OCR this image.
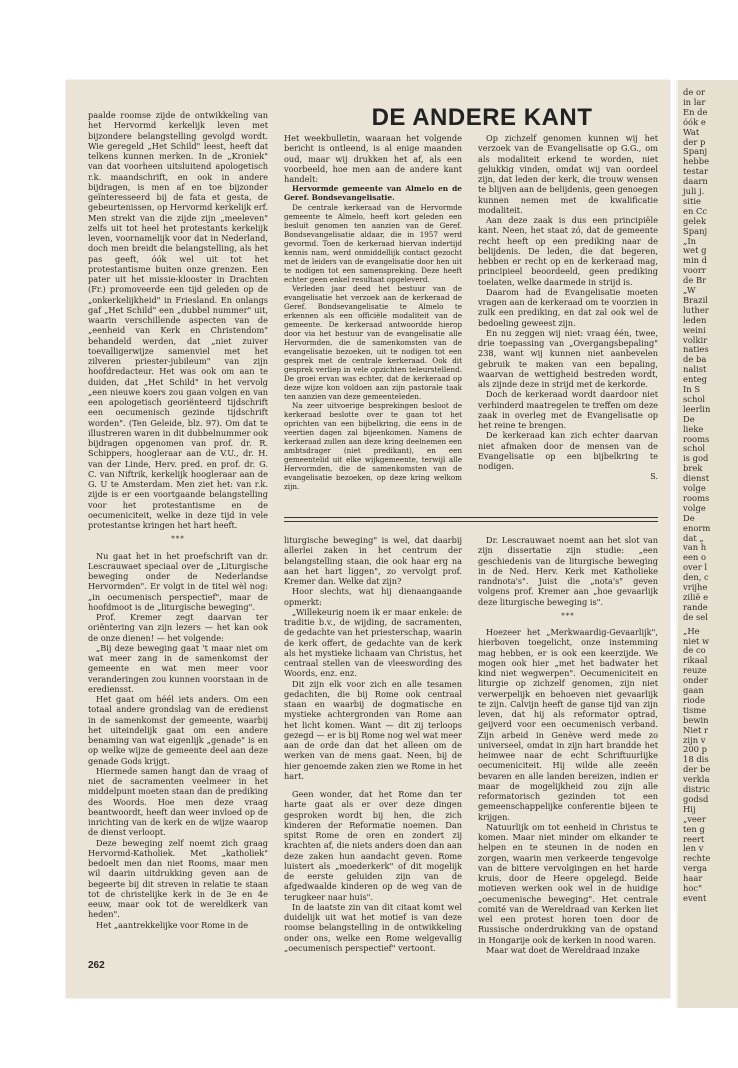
DE ANDERE KANT

paalde roomse zijde de ontwikkeling van het Hervormd kerkelijk leven met bijzondere belangstelling gevolgd wordt. Wie geregeld „Het Schild" leest, heeft dat telkens kunnen merken. In de „Kroniek" van dat voorheen uitsluitend apologetisch r.k. maandschrift, en ook in andere bijdragen, is men af en toe bijzonder geïnteresseerd bij de fata et gesta, de gebeurtenissen, op Hervormd kerkelijk erf. Men strekt van die zijde zijn „meeleven" zelfs uit tot heel het protestants kerkelijk leven, voornamelijk voor dat in Nederland, doch men breidt die belangstelling, als het pas geeft, óók wel uit tot het protestantisme buiten onze grenzen. Een pater uit het missie-klooster in Drachten (Fr.) promoveerde een tijd geleden op de „onkerkelijkheid" in Friesland. En onlangs gaf „Het Schild" een „dubbel nummer" uit, waarin verschillende aspecten van de „eenheid van Kerk en Christendom" behandeld werden, dat „niet zuiver toevalligerwijze samenviel met het zilveren priester-jubileum" van zijn hoofdredacteur. Het was ook om aan te duiden, dat „Het Schild" in het vervolg „een nieuwe koers zou gaan volgen en van een apologetisch georiënteerd tijdschrift een oecumenisch gezinde tijdschrift worden". (Ten Geleide, blz. 97). Om dat te illustreren waren in dit dubbelnummer ook bijdragen opgenomen van prof. dr. R. Schippers, hoogleraar aan de V.U., dr. H. van der Linde, Herv. pred. en prof. dr. G. C. van Niftrik, kerkelijk hoogleraar aan de G. U te Amsterdam. Men ziet het: van r.k. zijde is er een voortgaande belangstelling voor het protestantisme en de oecumeniciteit, welke in deze tijd in vele protestantse kringen het hart heeft.

***

Nu gaat het in het proefschrift van dr. Lescrauwaet speciaal over de „Liturgische beweging onder de Nederlandse Hervormden". Er volgt in de titel wèl nog: „in oecumenisch perspectief", maar de hoofdmoot is de „liturgische beweging".

Prof. Kremer zegt daarvan ter oriëntering van zijn lezers — het kan ook de onze dienen! — het volgende:

„Bij deze beweging gaat 't maar niet om wat meer zang in de samenkomst der gemeente en wat men meer voor veranderingen zou kunnen voorstaan in de erediensst.

Het gaat om héél iets anders. Om een totaal andere grondslag van de eredienst in de samenkomst der gemeente, waarbij het uiteindelijk gaat om een andere benaming van wat eigenlijk „genade" is en op welke wijze de gemeente deel aan deze genade Gods krijgt.

Hiermede samen hangt dan de vraag of niet de sacramenten veelmeer in het middelpunt moeten staan dan de prediking des Woords. Hoe men deze vraag beantwoordt, heeft dan weer invloed op de inrichting van de kerk en de wijze waarop de dienst verloopt.

Deze beweging zelf noemt zich graag Hervormd-Katholiek. Met „katholiek" bedoelt men dan niet Rooms, maar men wil daarin uitdrukking geven aan de begeerte bij dit streven in relatie te staan tot de christelijke kerk in de 3e en 4e eeuw, maar ook tot de wereldkerk van heden".

Het „aantrekkelijke voor Rome in de

Het weekbulletin, waaraan het volgende bericht is ontleend, is al enige maanden oud, maar wij drukken het af, als een voorbeeld, hoe men aan de andere kant handelt:

Hervormde gemeente van Almelo en de Geref. Bondsevangelisatie.

De centrale kerkeraad van de Hervormde gemeente te Almelo, heeft kort geleden een besluit genomen ten aanzien van de Geref. Bondsevangelisatie aldaar, die in 1957 werd gevormd. Toen de kerkeraad hiervan indertijd kennis nam, werd onmiddellijk contact gezocht met de leiders van de evangelisatie door hen uit te nodigen tot een samenspreking. Deze heeft echter geen enkel resultaat opgeleverd.

Verleden jaar deed het bestuur van de evangelisatie het verzoek aan de kerkeraad de Geref. Bondsevangelisatie te Almelo te erkennen als een officiële modaliteit van de gemeente. De kerkeraad antwoordde hierop door via het bestuur van de evangelisatie alle Hervormden, die de samenkomsten van de evangelisatie bezoeken, uit te nodigen tot een gesprek met de centrale kerkeraad. Ook dit gesprek verliep in vele opzichten teleurstellend. De groei ervan was echter, dat de kerkeraad op deze wijze kon voldoen aan zijn pastorale taak ten aanzien van deze gemeenteleden.

Na zeer uitvoerige besprekingen besloot de kerkeraad beslotte over te gaan tot het oprichten van een bijbelkring, die eens in de veertien dagen zal bijeenkomen. Namens de kerkeraad zullen aan deze kring deelnemen een ambtsdrager (niet predikant), en een gemeentelid uit elke wijkgemeente, terwijl alle Hervormden, die de samenkomsten van de evangelisatie bezoeken, op deze kring welkom zijn.

Op zichzelf genomen kunnen wij het verzoek van de Evangelisatie op G.G., om als modaliteit erkend te worden, niet gelukkig vinden, omdat wij van oordeel zijn, dat leden der kerk, die trouw wensen te blijven aan de belijdenis, geen genoegen kunnen nemen met de kwalificatie modaliteit.

Aan deze zaak is dus een principiële kant. Neen, het staat zó, dat de gemeente recht heeft op een prediking naar de belijdenis. De leden, die dat begeren, hebben er recht op en de kerkeraad mag, principieel beoordeeld, geen prediking toelaten, welke daarmede in strijd is.

Daarom had de Evangelisatie moeten vragen aan de kerkeraad om te voorzien in zulk een prediking, en dat zal ook wel de bedoeling geweest zijn.

En nu zeggen wij niet: vraag één, twee, drie toepassing van „Overgangsbepaling" 238, want wij kunnen niet aanbevelen gebruik te maken van een bepaling, waarvan de wettigheid bestreden wordt, als zijnde deze in strijd met de kerkorde.

Doch de kerkeraad wordt daardoor niet verhinderd maatregelen te treffen om deze zaak in overleg met de Evangelisatie op het reine te brengen.

De kerkeraad kan zich echter daarvan niet afmaken door de mensen van de Evangelisatie op een bijbelkring te nodigen.

S.

liturgische beweging" is wel, dat daarbij allerlei zaken in het centrum der belangstelling staan, die ook haar erg na aan het hart liggen", zo vervolgt prof. Kremer dan. Welke dat zijn?

Hoor slechts, wat hij dienaangaande opmerkt:

„Willekeurig noem ik er maar enkele: de traditie b.v., de wijding, de sacramenten, de gedachte van het priesterschap, waarin de kerk offert, de gedachte van de kerk als het mystieke lichaam van Christus, het centraal stellen van de vleeswording des Woords, enz. enz.

Dit zijn elk voor zich en alle tesamen gedachten, die bij Rome ook centraal staan en waarbij de dogmatische en mystieke achtergronden van Rome aan het licht komen. Want — dit zij terloops gezegd — er is bij Rome nog wel wat meer aan de orde dan dat het alleen om de werken van de mens gaat. Neen, bij de hier genoemde zaken zien we Rome in het hart.

Geen wonder, dat het Rome dan ter harte gaat als er over deze dingen gesproken wordt bij hen, die zich kinderen der Reformatie noemen. Dan spitst Rome de oren en zondert zij krachten af, die niets anders doen dan aan deze zaken hun aandacht geven. Rome luistert als „moederkerk" of dit mogelijk de eerste geluiden zijn van de afgedwaalde kinderen op de weg van de terugkeer naar huis".

In de laatste zin van dit citaat komt wel duidelijk uit wat het motief is van deze roomse belangstelling in de ontwikkeling onder ons, welke een Rome welgevallig „oecumenisch perspectief" vertoont.

Dr. Lescrauwaet noemt aan het slot van zijn dissertatie zijn studie: „een geschiedenis van de liturgische beweging in de Ned. Herv. Kerk met Katholieke randnota's". Juist die „nota's" geven volgens prof. Kremer aan „hoe gevaarlijk deze liturgische beweging is".

***

Hoezeer het „Merkwaardig-Gevaarlijk", hierboven toegelicht, onze instemming mag hebben, er is ook een keerzijde. We mogen ook hier „met het badwater het kind niet wegwerpen". Oecumeniciteit en liturgie op zichzelf genomen, zijn niet verwerpelijk en behoeven niet gevaarlijk te zijn. Calvijn heeft de ganse tijd van zijn leven, dat hij als reformator optrad, geijverd voor een oecumenisch verband. Zijn arbeid in Genève werd mede zo universeel, omdat in zijn hart brandde het heimwee naar de echt Schriftuurlijke oecumeniciteit. Hij wilde alle zeeën bevaren en alle landen bereizen, indien er maar de mogelijkheid zou zijn alle reformatorisch gezinden tot een gemeenschappelijke conferentie bijeen te krijgen.

Natuurlijk om tot eenheid in Christus te komen. Maar niet minder om elkander te helpen en te steunen in de noden en zorgen, waarin men verkeerde tengevolge van de bittere vervolgingen en het harde kruis, door de Heere opgelegd. Beide motieven werken ook wel in de huidige „oecumenische beweging". Het centrale comité van de Wereldraad van Kerken liet wel een protest horen toen door de Russische onderdrukking van de opstand in Hongarije ook de kerken in nood waren.

Maar wat doet de Wereldraad inzake

262
de or
in lar
En de
óók e
Wat
der p
Spanj
hebbe
testar
daarn
juli j.
sitie
en Cc
gelek
Spanj
„In
wet g
min d
voorr
de Br
„W
Brazil
luther
leden
weini
volkir
naties
de ba
nalist
enteg
In S
schol
leerlin
De
lieke
rooms
schol
is god
brek
dienst
volge
rooms
volge
De
enorm
dat „
van h
een o
over l
den, c
vrijhe
zilië e
rande
de sel
„He
niet w
de co
rikaal
reuze
onder
gaan
riode
tisme
bewin
Niet r
zijn v
200 p
18 dis
der be
verkla
distric
godsd
Hij
„veer
ten g
reert
len v
rechte
verga
haar
hoc"
event
